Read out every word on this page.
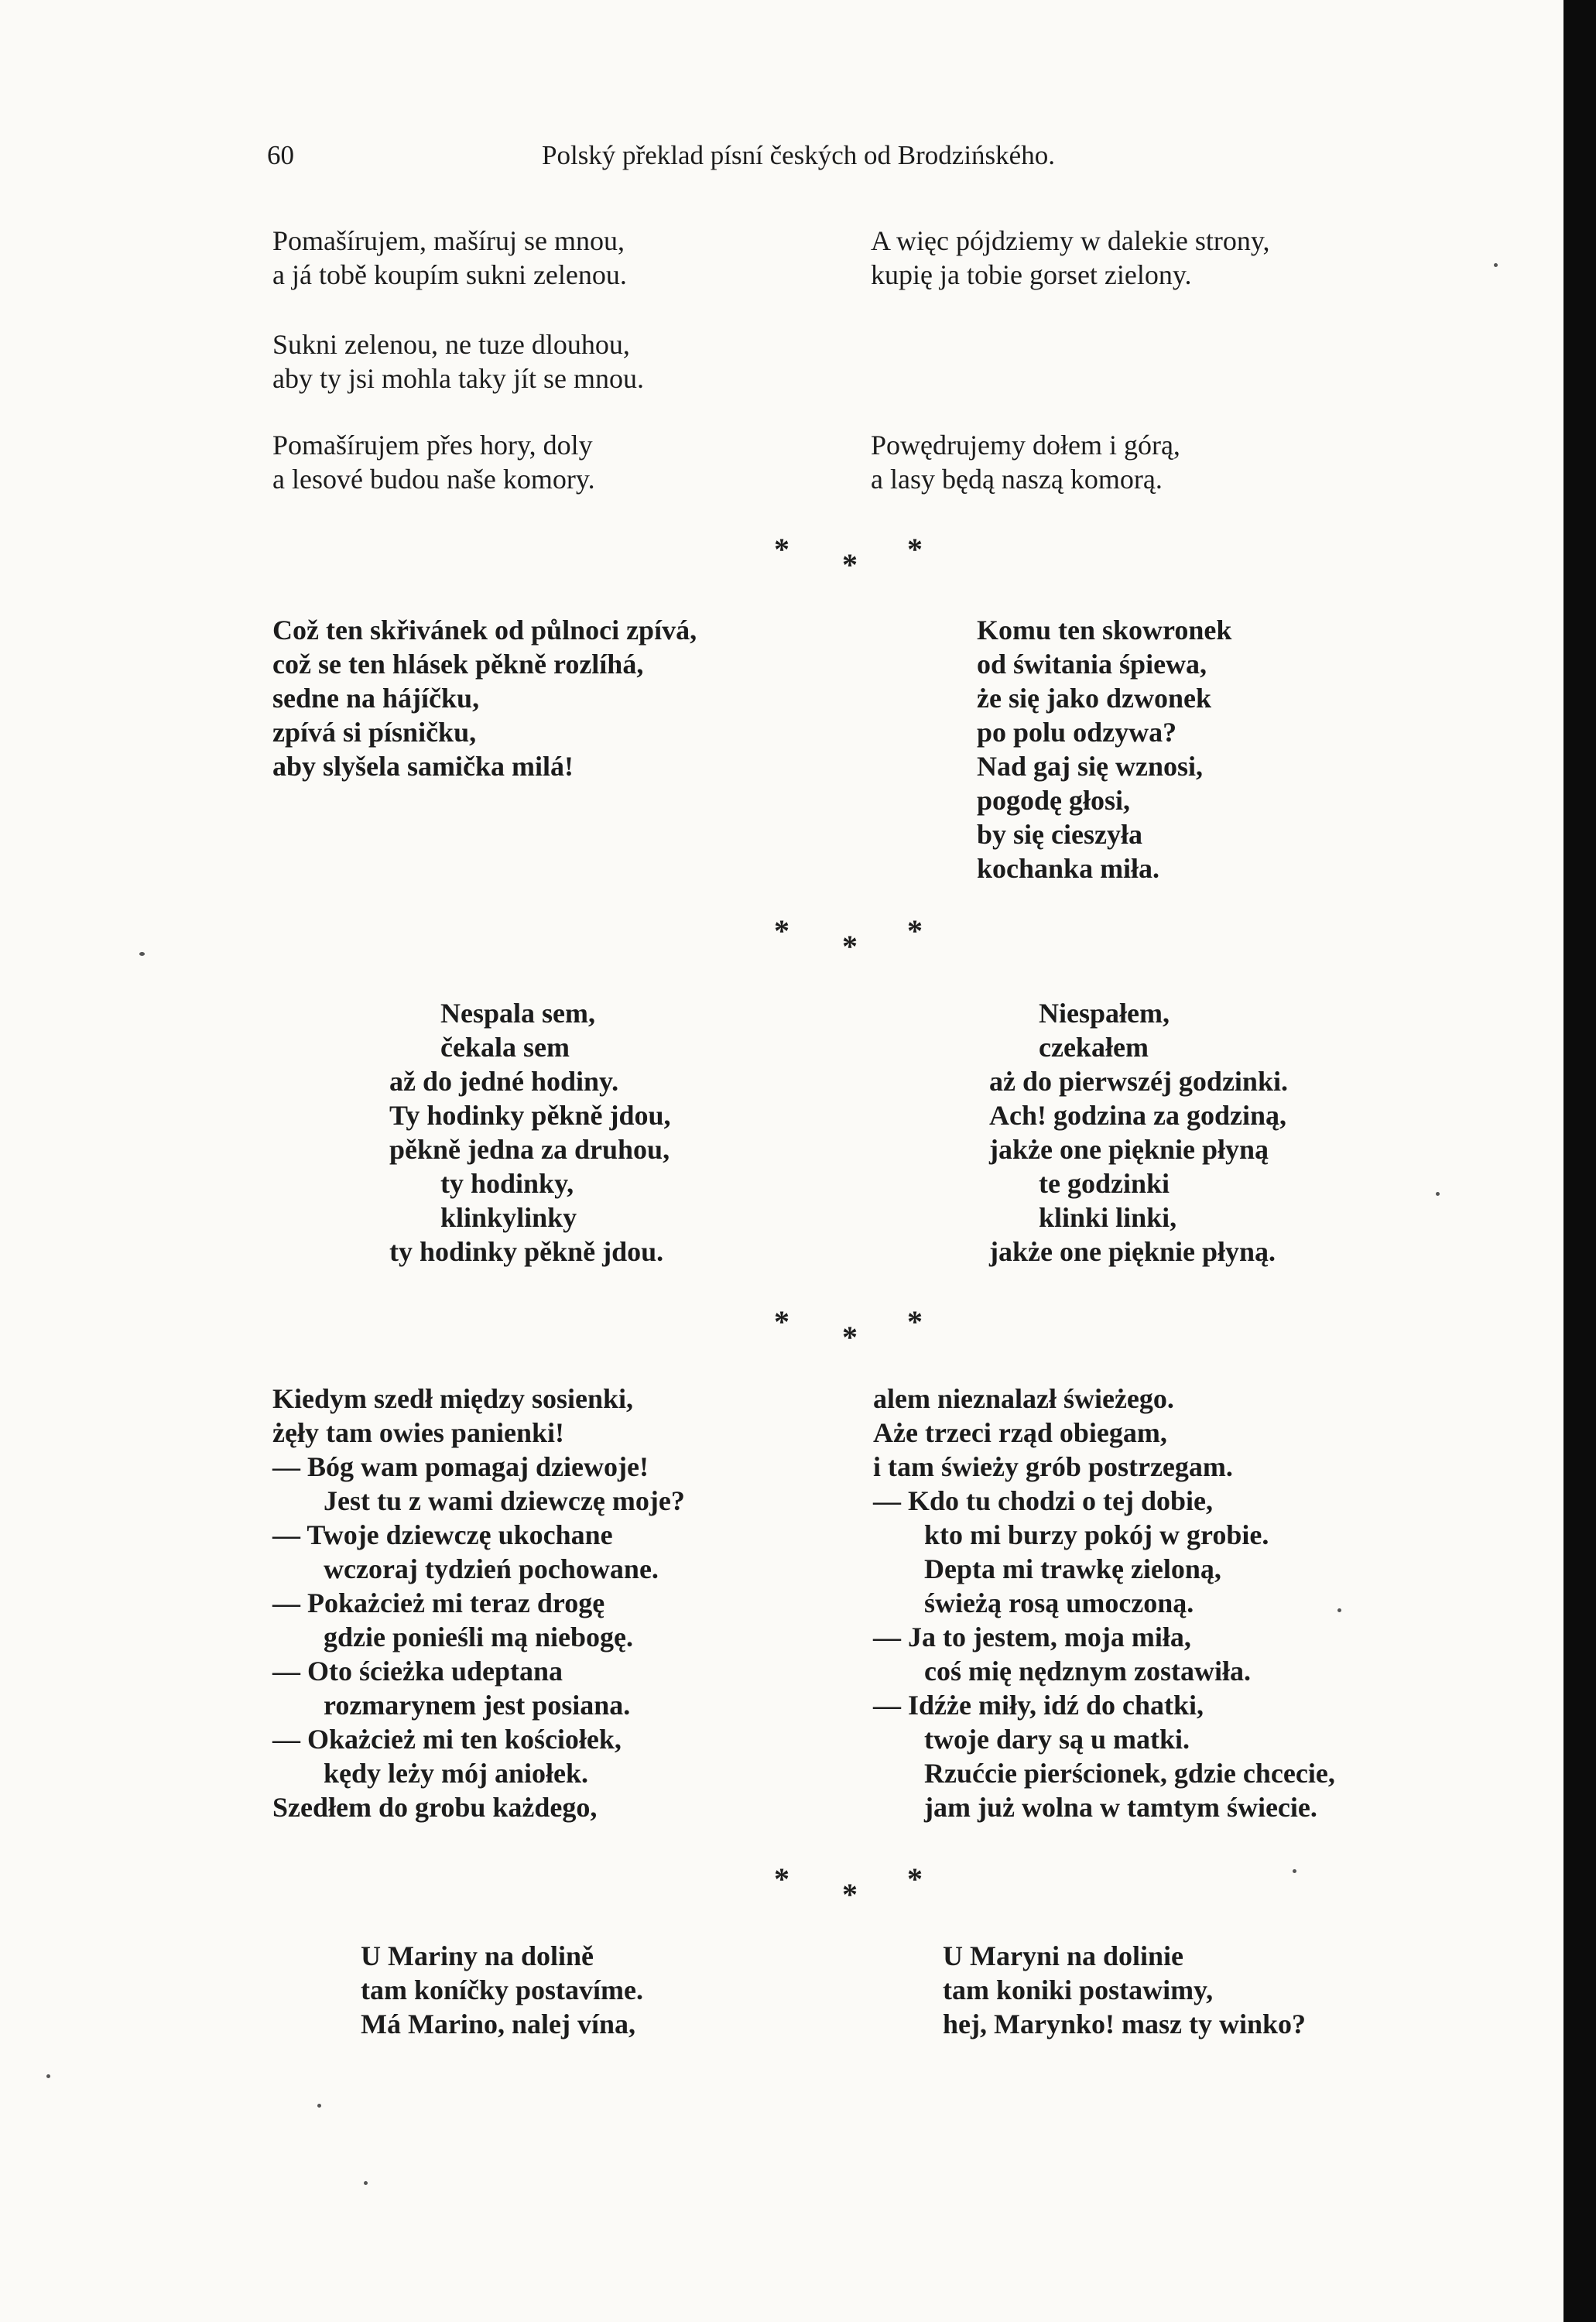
60	Polský překlad písní českých od Brodzińského.
Pomašírujem, mašíruj se mnou,
a já tobě koupím sukni zelenou.
Sukni zelenou, ne tuze dlouhou,
aby ty jsi mohla taky jít se mnou.
Pomašírujem přes hory, doly
a lesové budou naše komory.
A więc pójdziemy w dalekie strony,
kupię ja tobie gorset zielony.
Powędrujemy dołem i górą,
a lasy będą naszą komorą.
* * *
Což ten skřivánek od půlnoci zpívá,
což se ten hlásek pěkně rozlíhá,
sedne na hájíčku,
zpívá si písničku,
aby slyšela samička milá!
Komu ten skowronek
od świtania śpiewa,
że się jako dzwonek
po polu odzywa?
Nad gaj się wznosi,
pogodę głosi,
by się cieszyła
kochanka miła.
* * *
Nespala sem,
čekala sem
až do jedné hodiny.
Ty hodinky pěkně jdou,
pěkně jedna za druhou,
ty hodinky,
klinkylinky
ty hodinky pěkně jdou.
Niespałem,
czekałem
aż do pierwszéj godzinki.
Ach! godzina za godziną,
jakże one pięknie płyną
te godzinki
klinki linki,
jakże one pięknie płyną.
* * *
Kiedym szedł między sosienki,
żęły tam owies panienki!
— Bóg wam pomagaj dziewoje!
Jest tu z wami dziewczę moje?
— Twoje dziewczę ukochane
wczoraj tydzień pochowane.
— Pokażcież mi teraz drogę
gdzie ponieśli mą niebogę.
— Oto ścieżka udeptana
rozmarynem jest posiana.
— Okażcież mi ten kościołek,
kędy leży mój aniołek.
Szedłem do grobu każdego,
alem nieznalazł świeżego.
Aże trzeci rząd obiegam,
i tam świeży grób postrzegam.
— Kdo tu chodzi o tej dobie,
kto mi burzy pokój w grobie.
Depta mi trawkę zieloną,
świeżą rosą umoczoną.
— Ja to jestem, moja miła,
coś mię nędznym zostawiła.
— Idźże miły, idź do chatki,
twoje dary są u matki.
Rzućcie pierścionek, gdzie chcecie,
jam już wolna w tamtym świecie.
* * *
U Mariny na dolině
tam koníčky postavíme.
Má Marino, nalej vína,
U Maryni na dolinie
tam koniki postawimy,
hej, Marynko! masz ty winko?
